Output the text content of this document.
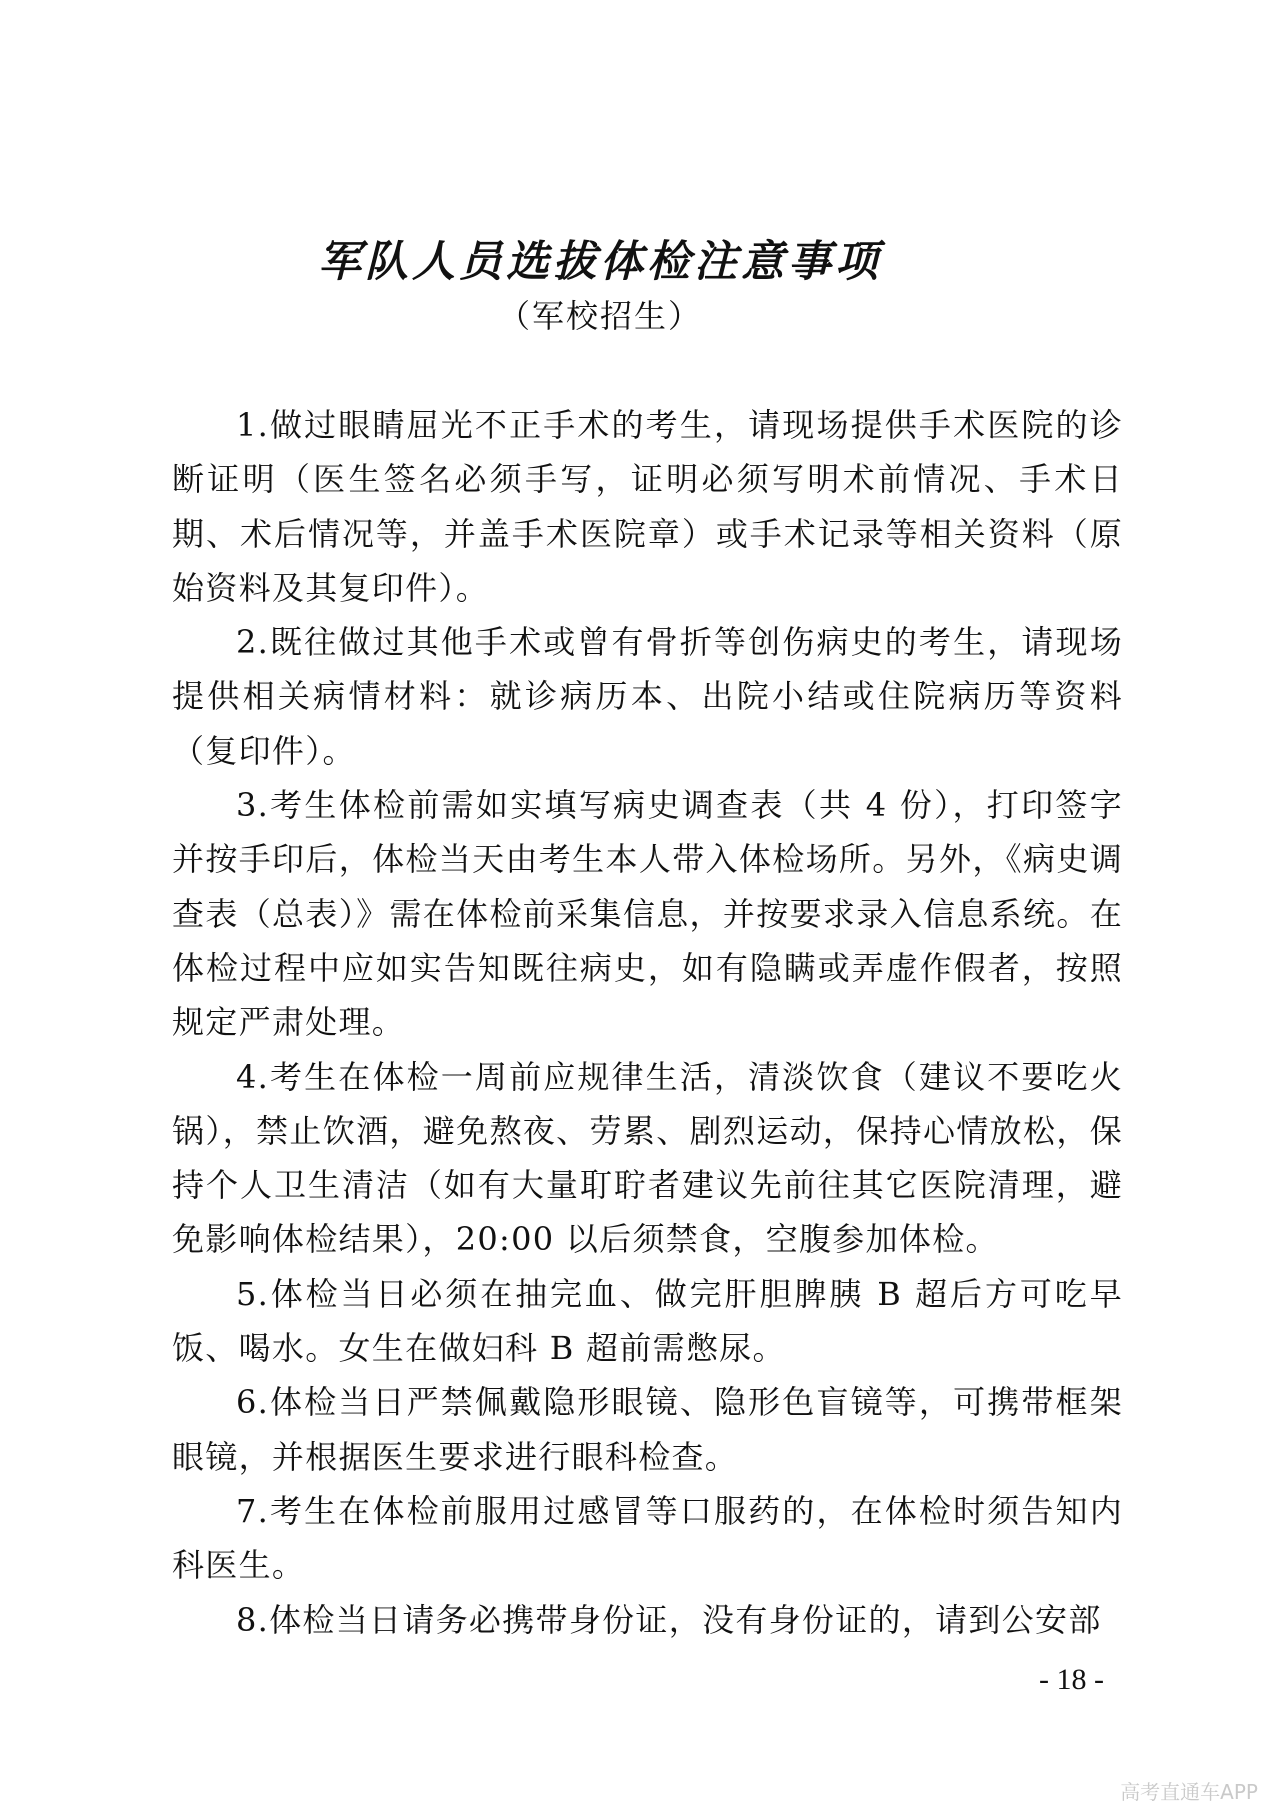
军队人员选拔体检注意事项
（军校招生）

1.做过眼睛屈光不正手术的考生，请现场提供手术医院的诊断证明（医生签名必须手写，证明必须写明术前情况、手术日期、术后情况等，并盖手术医院章）或手术记录等相关资料（原始资料及其复印件）。

2.既往做过其他手术或曾有骨折等创伤病史的考生，请现场提供相关病情材料：就诊病历本、出院小结或住院病历等资料（复印件）。

3.考生体检前需如实填写病史调查表（共 4 份），打印签字并按手印后，体检当天由考生本人带入体检场所。另外，《病史调查表（总表）》需在体检前采集信息，并按要求录入信息系统。在体检过程中应如实告知既往病史，如有隐瞒或弄虚作假者，按照规定严肃处理。

4.考生在体检一周前应规律生活，清淡饮食（建议不要吃火锅），禁止饮酒，避免熬夜、劳累、剧烈运动，保持心情放松，保持个人卫生清洁（如有大量耵聍者建议先前往其它医院清理，避免影响体检结果），20:00 以后须禁食，空腹参加体检。

5.体检当日必须在抽完血、做完肝胆脾胰 B 超后方可吃早饭、喝水。女生在做妇科 B 超前需憋尿。

6.体检当日严禁佩戴隐形眼镜、隐形色盲镜等，可携带框架眼镜，并根据医生要求进行眼科检查。

7.考生在体检前服用过感冒等口服药的，在体检时须告知内科医生。

8.体检当日请务必携带身份证，没有身份证的，请到公安部

- 18 -
高考直通车APP
